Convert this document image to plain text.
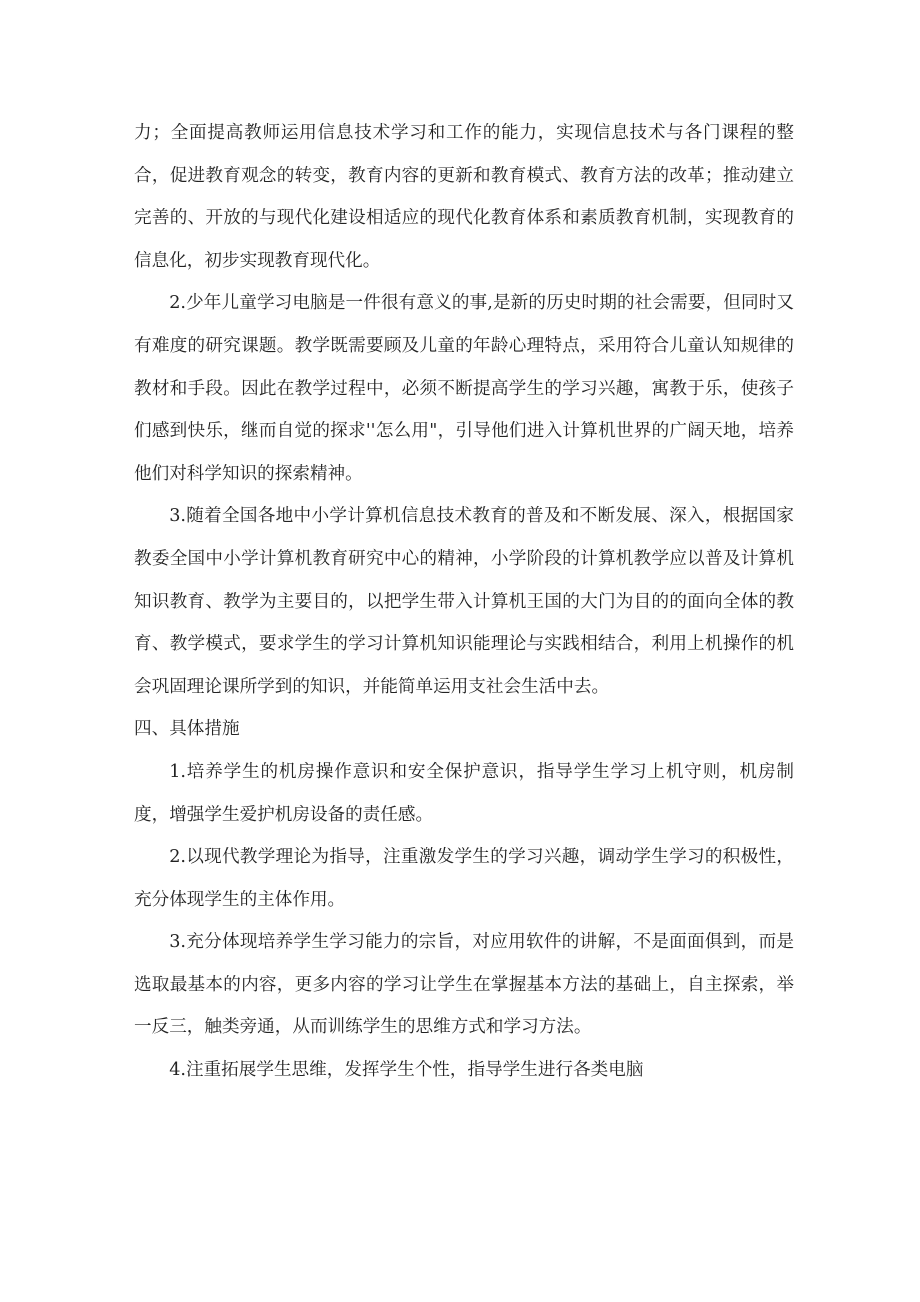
力；全面提高教师运用信息技术学习和工作的能力，实现信息技术与各门课程的整合，促进教育观念的转变，教育内容的更新和教育模式、教育方法的改革；推动建立完善的、开放的与现代化建设相适应的现代化教育体系和素质教育机制，实现教育的信息化，初步实现教育现代化。

2.少年儿童学习电脑是一件很有意义的事,是新的历史时期的社会需要，但同时又有难度的研究课题。教学既需要顾及儿童的年龄心理特点，采用符合儿童认知规律的教材和手段。因此在教学过程中，必须不断提高学生的学习兴趣，寓教于乐，使孩子们感到快乐，继而自觉的探求''怎么用"，引导他们进入计算机世界的广阔天地，培养他们对科学知识的探索精神。

3.随着全国各地中小学计算机信息技术教育的普及和不断发展、深入，根据国家教委全国中小学计算机教育研究中心的精神，小学阶段的计算机教学应以普及计算机知识教育、教学为主要目的，以把学生带入计算机王国的大门为目的的面向全体的教育、教学模式，要求学生的学习计算机知识能理论与实践相结合，利用上机操作的机会巩固理论课所学到的知识，并能简单运用支社会生活中去。

四、具体措施

1.培养学生的机房操作意识和安全保护意识，指导学生学习上机守则，机房制度，增强学生爱护机房设备的责任感。

2.以现代教学理论为指导，注重激发学生的学习兴趣，调动学生学习的积极性，充分体现学生的主体作用。

3.充分体现培养学生学习能力的宗旨，对应用软件的讲解，不是面面俱到，而是选取最基本的内容，更多内容的学习让学生在掌握基本方法的基础上，自主探索，举一反三，触类旁通，从而训练学生的思维方式和学习方法。

4.注重拓展学生思维，发挥学生个性，指导学生进行各类电脑
